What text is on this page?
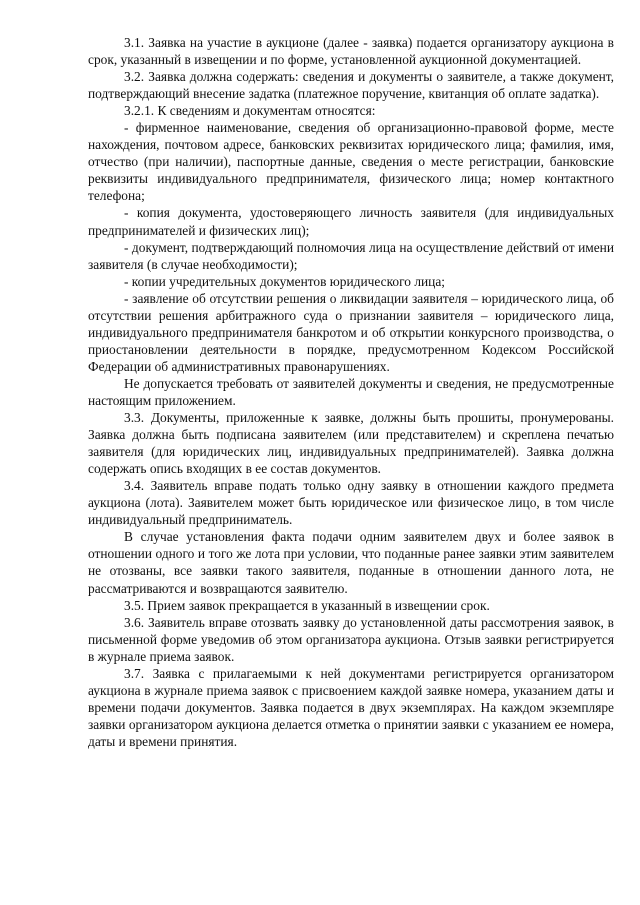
3.1. Заявка на участие в аукционе (далее - заявка) подается организатору аукциона в срок, указанный в извещении и по форме, установленной аукционной документацией.

3.2. Заявка должна содержать: сведения и документы о заявителе, а также документ, подтверждающий внесение задатка (платежное поручение, квитанция об оплате задатка).

3.2.1. К сведениям и документам относятся:

- фирменное наименование, сведения об организационно-правовой форме, месте нахождения, почтовом адресе, банковских реквизитах юридического лица; фамилия, имя, отчество (при наличии), паспортные данные, сведения о месте регистрации, банковские реквизиты индивидуального предпринимателя, физического лица; номер контактного телефона;

- копия документа, удостоверяющего личность заявителя (для индивидуальных предпринимателей и физических лиц);

- документ, подтверждающий полномочия лица на осуществление действий от имени заявителя (в случае необходимости);

- копии учредительных документов юридического лица;

- заявление об отсутствии решения о ликвидации заявителя – юридического лица, об отсутствии решения арбитражного суда о признании заявителя – юридического лица, индивидуального предпринимателя банкротом и об открытии конкурсного производства, о приостановлении деятельности в порядке, предусмотренном Кодексом Российской Федерации об административных правонарушениях.

Не допускается требовать от заявителей документы и сведения, не предусмотренные настоящим приложением.

3.3. Документы, приложенные к заявке, должны быть прошиты, пронумерованы. Заявка должна быть подписана заявителем (или представителем) и скреплена печатью заявителя (для юридических лиц, индивидуальных предпринимателей). Заявка должна содержать опись входящих в ее состав документов.

3.4. Заявитель вправе подать только одну заявку в отношении каждого предмета аукциона (лота). Заявителем может быть юридическое или физическое лицо, в том числе индивидуальный предприниматель.

В случае установления факта подачи одним заявителем двух и более заявок в отношении одного и того же лота при условии, что поданные ранее заявки этим заявителем не отозваны, все заявки такого заявителя, поданные в отношении данного лота, не рассматриваются и возвращаются заявителю.

3.5. Прием заявок прекращается в указанный в извещении срок.

3.6. Заявитель вправе отозвать заявку до установленной даты рассмотрения заявок, в письменной форме уведомив об этом организатора аукциона. Отзыв заявки регистрируется в журнале приема заявок.

3.7. Заявка с прилагаемыми к ней документами регистрируется организатором аукциона в журнале приема заявок с присвоением каждой заявке номера, указанием даты и времени подачи документов. Заявка подается в двух экземплярах. На каждом экземпляре заявки организатором аукциона делается отметка о принятии заявки с указанием ее номера, даты и времени принятия.
